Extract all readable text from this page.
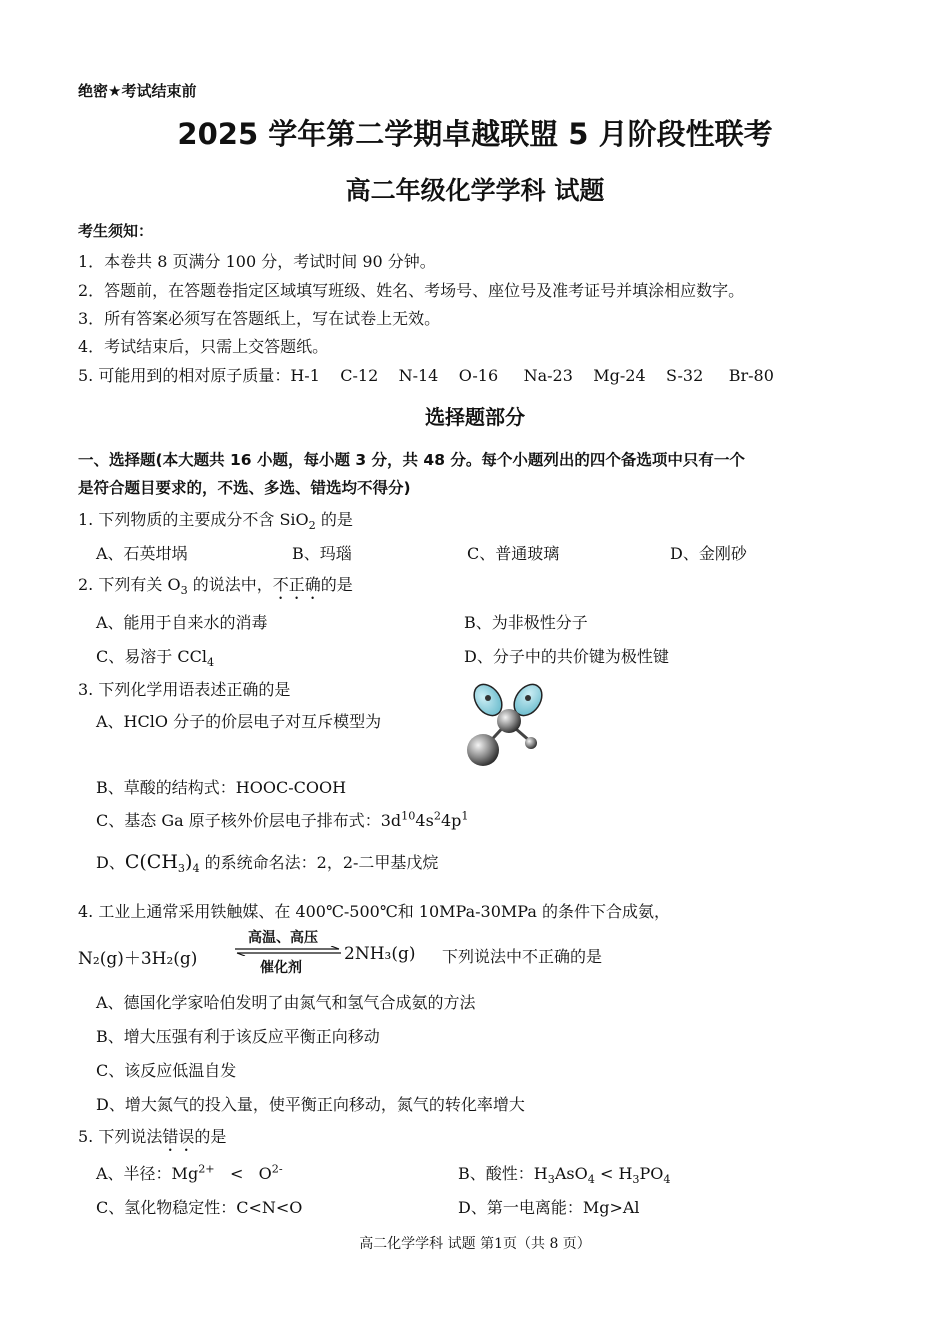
绝密★考试结束前
2025 学年第二学期卓越联盟 5 月阶段性联考
高二年级化学学科 试题
考生须知：
1．本卷共 8 页满分 100 分，考试时间 90 分钟。
2．答题前，在答题卷指定区域填写班级、姓名、考场号、座位号及准考证号并填涂相应数字。
3．所有答案必须写在答题纸上，写在试卷上无效。
4．考试结束后，只需上交答题纸。
5. 可能用到的相对原子质量：H-1    C-12    N-14    O-16     Na-23    Mg-24    S-32     Br-80
选择题部分
一、选择题(本大题共 16 小题，每小题 3 分，共 48 分。每个小题列出的四个备选项中只有一个
是符合题目要求的，不选、多选、错选均不得分)
1. 下列物质的主要成分不含 SiO$_2$ 的是
A、石英坩埚	B、玛瑙	C、普通玻璃	D、金刚砂
2. 下列有关 $O_3$ 的说法中，不正确的是
A、能用于自来水的消毒	B、为非极性分子
C、易溶于 CCl$_4$	D、分子中的共价键为极性键
3. 下列化学用语表述正确的是
A、HClO 分子的价层电子对互斥模型为
B、草酸的结构式：HOOC-COOH
C、基态 Ga 原子核外价层电子排布式：$3d^{10}4s^24p^1$
D、$C(CH_3)_4$ 的系统命名法：2，2-二甲基戊烷
4. 工业上通常采用铁触媒、在 400℃-500℃和 10MPa-30MPa 的条件下合成氨，
N₂(g)＋3H₂(g)
高温、高压
催化剂
2NH₃(g) 下列说法中不正确的是
A、德国化学家哈伯发明了由氮气和氢气合成氨的方法
B、增大压强有利于该反应平衡正向移动
C、该反应低温自发
D、增大氮气的投入量，使平衡正向移动，氮气的转化率增大
5. 下列说法错误的是
A、半径：$Mg^{2+} < O^{2-}$	B、酸性：$H_3AsO_4 < H_3PO_4$
C、氢化物稳定性：C<N<O	D、第一电离能：Mg>Al
高二化学学科 试题 第1页（共 8 页）
